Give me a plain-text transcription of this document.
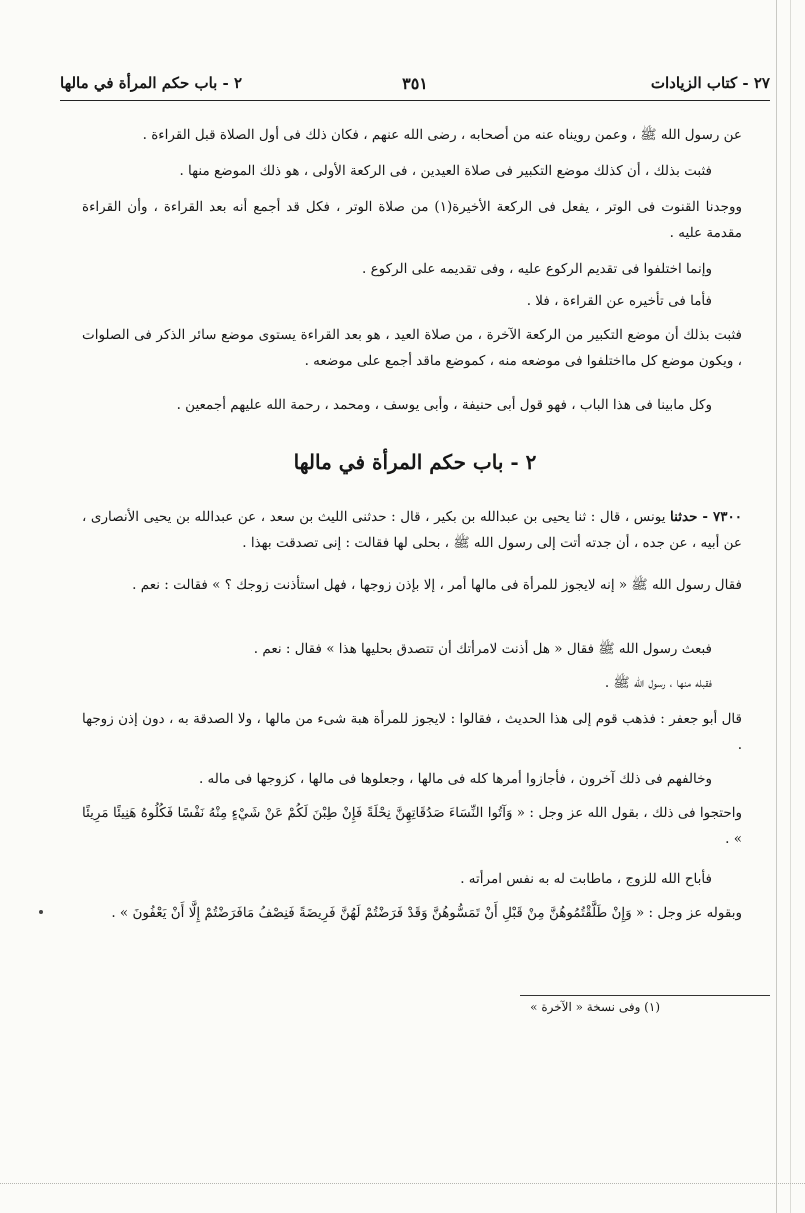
٢٧ - كتاب الزيادات
٣٥١
٢ - باب حكم المرأة في مالها

عن رسول الله ﷺ ، وعمن رويناه عنه من أصحابه ، رضى الله عنهم ، فكان ذلك فى أول الصلاة قبل القراءة .

فثبت بذلك ، أن كذلك موضع التكبير فى صلاة العيدين ، فى الركعة الأولى ، هو ذلك الموضع منها .

ووجدنا القنوت فى الوتر ، يفعل فى الركعة الأخيرة(١) من صلاة الوتر ، فكل قد أجمع أنه بعد القراءة ، وأن القراءة مقدمة عليه .

وإنما اختلفوا فى تقديم الركوع عليه ، وفى تقديمه على الركوع .

فأما فى تأخيره عن القراءة ، فلا .

فثبت بذلك أن موضع التكبير من الركعة الآخرة ، من صلاة العيد ، هو بعد القراءة يستوى موضع سائر الذكر فى الصلوات ، ويكون موضع كل مااختلفوا فى موضعه منه ، كموضع ماقد أجمع على موضعه .

وكل مابينا فى هذا الباب ، فهو قول أبى حنيفة ، وأبى يوسف ، ومحمد ، رحمة الله عليهم أجمعين .

٢ - باب حكم المرأة في مالها

٧٣٠٠ - حدثنا يونس ، قال : ثنا يحيى بن عبدالله بن بكير ، قال : حدثنى الليث بن سعد ، عن عبدالله بن يحيى الأنصارى ، عن أبيه ، عن جده ، أن جدته أتت إلى رسول الله ﷺ ، بحلى لها فقالت : إنى تصدقت بهذا .

فقال رسول الله ﷺ « إنه لايجوز للمرأة فى مالها أمر ، إلا بإذن زوجها ، فهل استأذنت زوجك ؟ » فقالت : نعم .

فبعث رسول الله ﷺ فقال « هل أذنت لامرأتك أن تتصدق بحليها هذا » فقال : نعم .

فقبله منها ، رسول الله ﷺ .

قال أبو جعفر : فذهب قوم إلى هذا الحديث ، فقالوا : لايجوز للمرأة هبة شىء من مالها ، ولا الصدقة به ، دون إذن زوجها .

وخالفهم فى ذلك آخرون ، فأجازوا أمرها كله فى مالها ، وجعلوها فى مالها ، كزوجها فى ماله .

واحتجوا فى ذلك ، بقول الله عز وجل : « وَآتُوا النِّسَاءَ صَدُقَاتِهِنَّ نِحْلَةً فَإِنْ طِبْنَ لَكُمْ عَنْ شَيْءٍ مِنْهُ نَفْسًا فَكُلُوهُ هَنِيئًا مَرِيئًا » .

فأباح الله للزوج ، ماطابت له به نفس امرأته .

وبقوله عز وجل : « وَإِنْ طَلَّقْتُمُوهُنَّ مِنْ قَبْلِ أَنْ تَمَسُّوهُنَّ وَقَدْ فَرَضْتُمْ لَهُنَّ فَرِيضَةً فَنِصْفُ مَافَرَضْتُمْ إِلَّا أَنْ يَعْفُونَ » .

(١) وفى نسخة « الآخرة »
